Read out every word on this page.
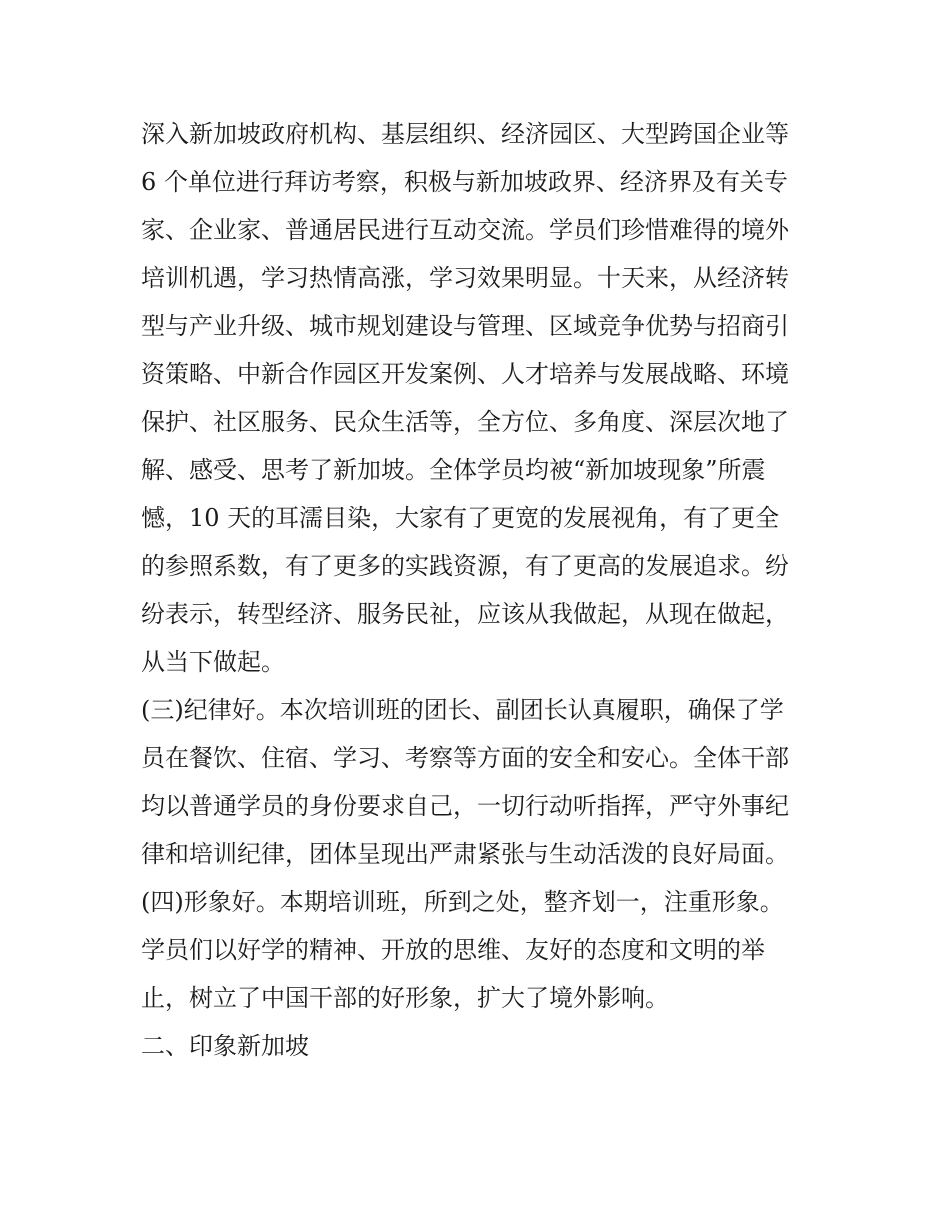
深入新加坡政府机构、基层组织、经济园区、大型跨国企业等
6 个单位进行拜访考察，积极与新加坡政界、经济界及有关专
家、企业家、普通居民进行互动交流。学员们珍惜难得的境外
培训机遇，学习热情高涨，学习效果明显。十天来，从经济转
型与产业升级、城市规划建设与管理、区域竞争优势与招商引
资策略、中新合作园区开发案例、人才培养与发展战略、环境
保护、社区服务、民众生活等，全方位、多角度、深层次地了
解、感受、思考了新加坡。全体学员均被“新加坡现象”所震
憾，10 天的耳濡目染，大家有了更宽的发展视角，有了更全
的参照系数，有了更多的实践资源，有了更高的发展追求。纷
纷表示，转型经济、服务民祉，应该从我做起，从现在做起，
从当下做起。
(三)纪律好。本次培训班的团长、副团长认真履职，确保了学
员在餐饮、住宿、学习、考察等方面的安全和安心。全体干部
均以普通学员的身份要求自己，一切行动听指挥，严守外事纪
律和培训纪律，团体呈现出严肃紧张与生动活泼的良好局面。
(四)形象好。本期培训班，所到之处，整齐划一，注重形象。
学员们以好学的精神、开放的思维、友好的态度和文明的举
止，树立了中国干部的好形象，扩大了境外影响。
二、印象新加坡
